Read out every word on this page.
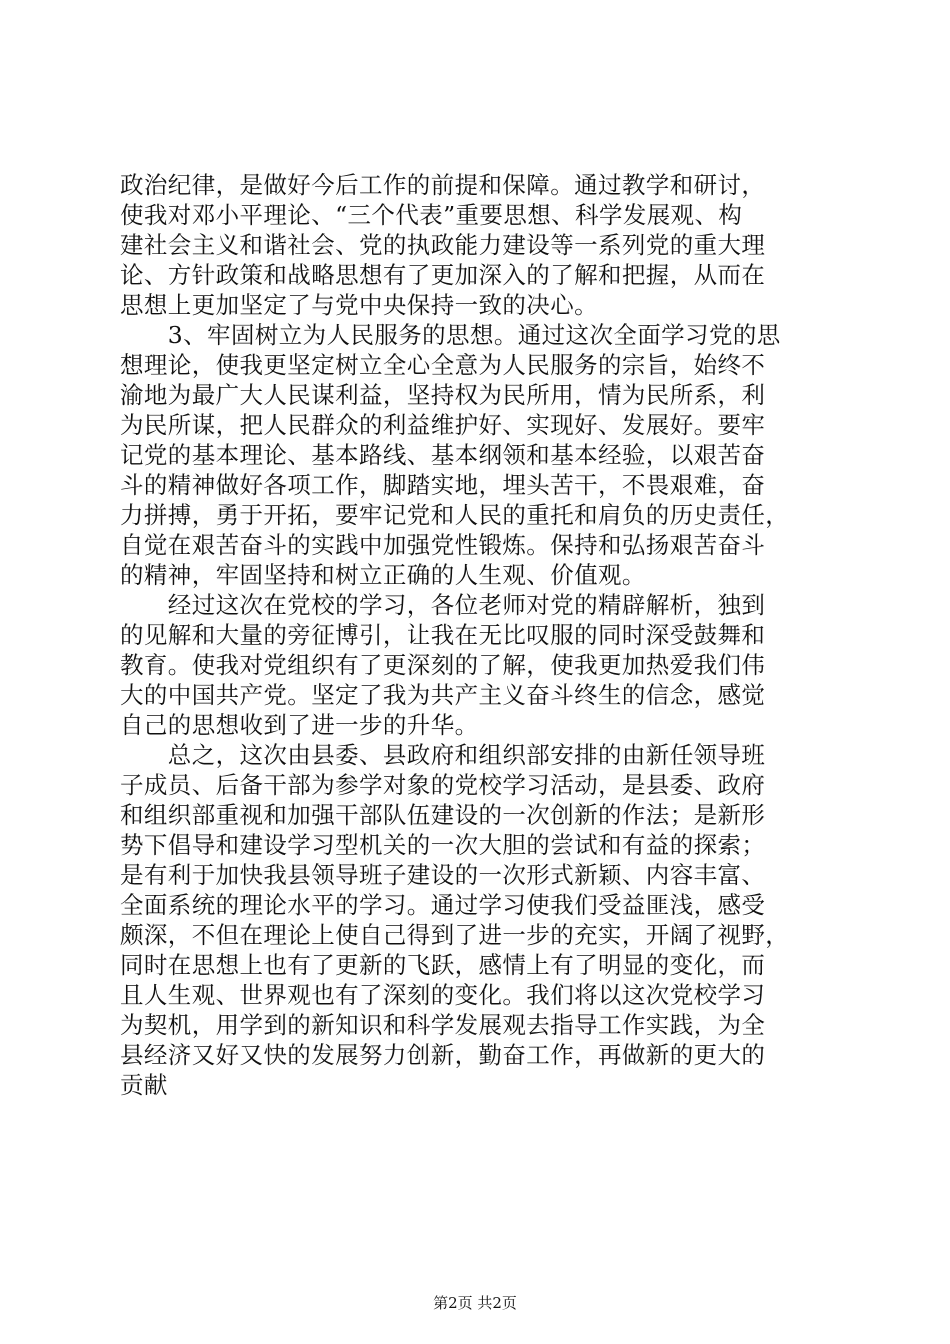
政治纪律，是做好今后工作的前提和保障。通过教学和研讨，
使我对邓小平理论、“三个代表”重要思想、科学发展观、构
建社会主义和谐社会、党的执政能力建设等一系列党的重大理
论、方针政策和战略思想有了更加深入的了解和把握，从而在
思想上更加坚定了与党中央保持一致的决心。
　　3、牢固树立为人民服务的思想。通过这次全面学习党的思
想理论，使我更坚定树立全心全意为人民服务的宗旨，始终不
渝地为最广大人民谋利益，坚持权为民所用，情为民所系，利
为民所谋，把人民群众的利益维护好、实现好、发展好。要牢
记党的基本理论、基本路线、基本纲领和基本经验，以艰苦奋
斗的精神做好各项工作，脚踏实地，埋头苦干，不畏艰难，奋
力拼搏，勇于开拓，要牢记党和人民的重托和肩负的历史责任，
自觉在艰苦奋斗的实践中加强党性锻炼。保持和弘扬艰苦奋斗
的精神，牢固坚持和树立正确的人生观、价值观。
　　经过这次在党校的学习，各位老师对党的精辟解析，独到
的见解和大量的旁征博引，让我在无比叹服的同时深受鼓舞和
教育。使我对党组织有了更深刻的了解，使我更加热爱我们伟
大的中国共产党。坚定了我为共产主义奋斗终生的信念，感觉
自己的思想收到了进一步的升华。
　　总之，这次由县委、县政府和组织部安排的由新任领导班
子成员、后备干部为参学对象的党校学习活动，是县委、政府
和组织部重视和加强干部队伍建设的一次创新的作法；是新形
势下倡导和建设学习型机关的一次大胆的尝试和有益的探索；
是有利于加快我县领导班子建设的一次形式新颖、内容丰富、
全面系统的理论水平的学习。通过学习使我们受益匪浅，感受
颇深，不但在理论上使自己得到了进一步的充实，开阔了视野，
同时在思想上也有了更新的飞跃，感情上有了明显的变化，而
且人生观、世界观也有了深刻的变化。我们将以这次党校学习
为契机，用学到的新知识和科学发展观去指导工作实践，为全
县经济又好又快的发展努力创新，勤奋工作，再做新的更大的
贡献
第2页 共2页
